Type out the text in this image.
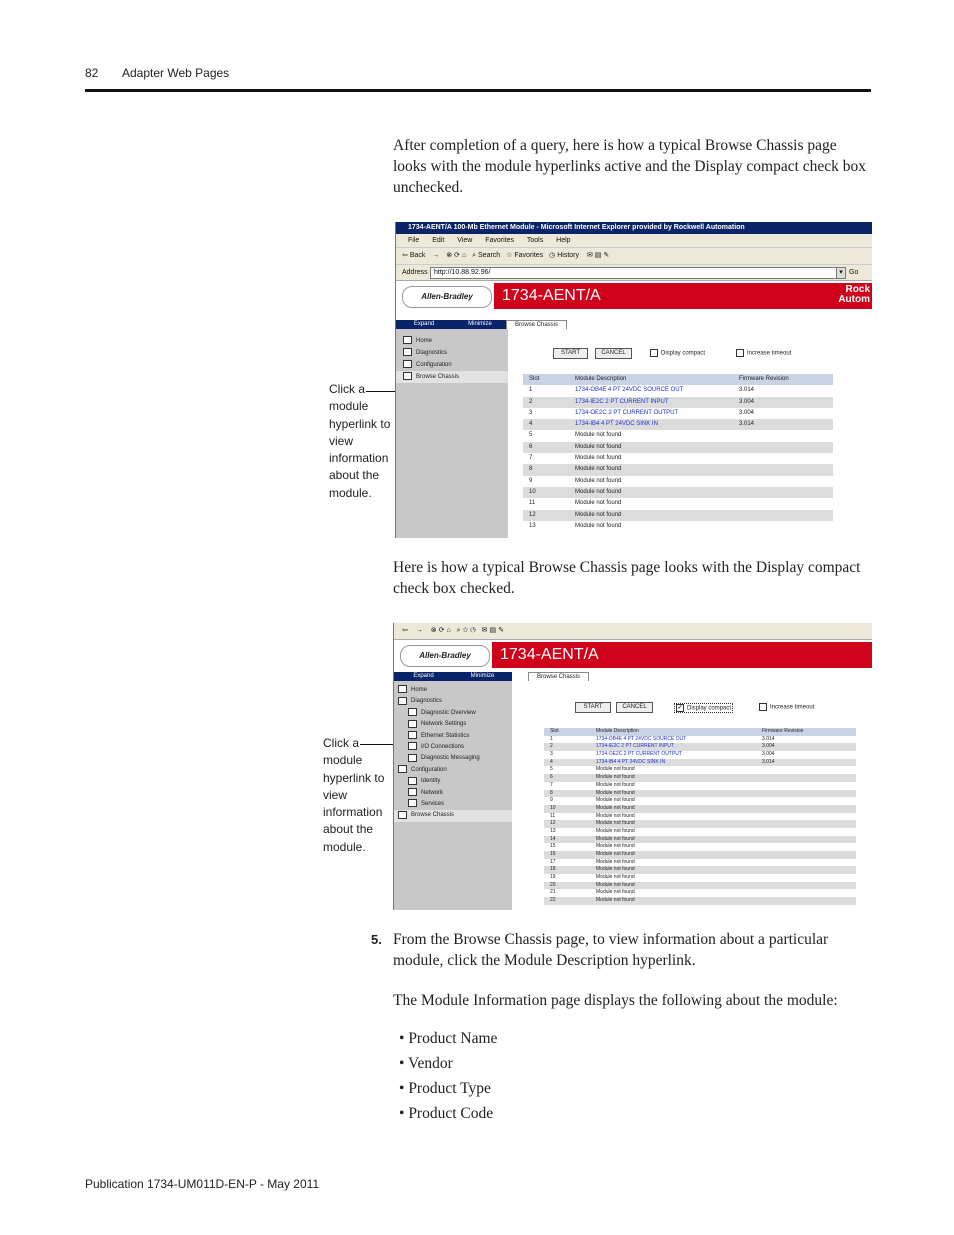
82 Adapter Web Pages
After completion of a query, here is how a typical Browse Chassis page looks with the module hyperlinks active and the Display compact check box unchecked.
Click a module hyperlink to view information about the module.
1734-AENT/A 100-Mb Ethernet Module - Microsoft Internet Explorer provided by Rockwell Automation
File Edit View Favorites Tools Help
⇦ Back → ⊗ ⟳ ⌂ ⌕ Search ☆ Favorites ◷ History ✉ ▤ ✎
Address http://10.88.92.96/	▾ Go
Allen-Bradley	1734-AENT/A	Rock
Autom
Expand	Minimize
Home
Diagnostics
Configuration
Browse Chassis
Browse Chassis
START	CANCEL	Display compact	Increase timeout
Slot	Module Description	Firmware Revision
1	1734-OB4E 4 PT 24VDC SOURCE OUT	3.014
2	1734-IE2C 2 PT CURRENT INPUT	3.004
3	1734-OE2C 2 PT CURRENT OUTPUT	3.004
4	1734-IB4 4 PT 24VDC SINK IN	3.014
5	Module not found
6	Module not found
7	Module not found
8	Module not found
9	Module not found
10	Module not found
11	Module not found
12	Module not found
13	Module not found
Here is how a typical Browse Chassis page looks with the Display compact check box checked.
Click a module hyperlink to view information about the module.
⇦ → ⊗ ⟳ ⌂ ⌕ ☆ ◷ ✉ ▤ ✎
Allen-Bradley	1734-AENT/A
Expand	Minimize
Home
Diagnostics
Diagnostic Overview
Network Settings
Ethernet Statistics
I/O Connections
Diagnostic Messaging
Configuration
Identity
Network
Services
Browse Chassis
Browse Chassis
START	CANCEL	✓ Display compact	Increase timeout
Slot	Module Description	Firmware Revision
1	1734-OB4E 4 PT 24VDC SOURCE OUT	3.014
2	1734-IE2C 2 PT CURRENT INPUT	3.004
3	1734-OE2C 2 PT CURRENT OUTPUT	3.004
4	1734-IB4 4 PT 24VDC SINK IN	3.014
5	Module not found
6	Module not found
7	Module not found
8	Module not found
9	Module not found
10	Module not found
11	Module not found
12	Module not found
13	Module not found
14	Module not found
15	Module not found
16	Module not found
17	Module not found
18	Module not found
19	Module not found
20	Module not found
21	Module not found
22	Module not found
5. From the Browse Chassis page, to view information about a particular module, click the Module Description hyperlink.
The Module Information page displays the following about the module:
• Product Name
• Vendor
• Product Type
• Product Code
Publication 1734-UM011D-EN-P - May 2011
